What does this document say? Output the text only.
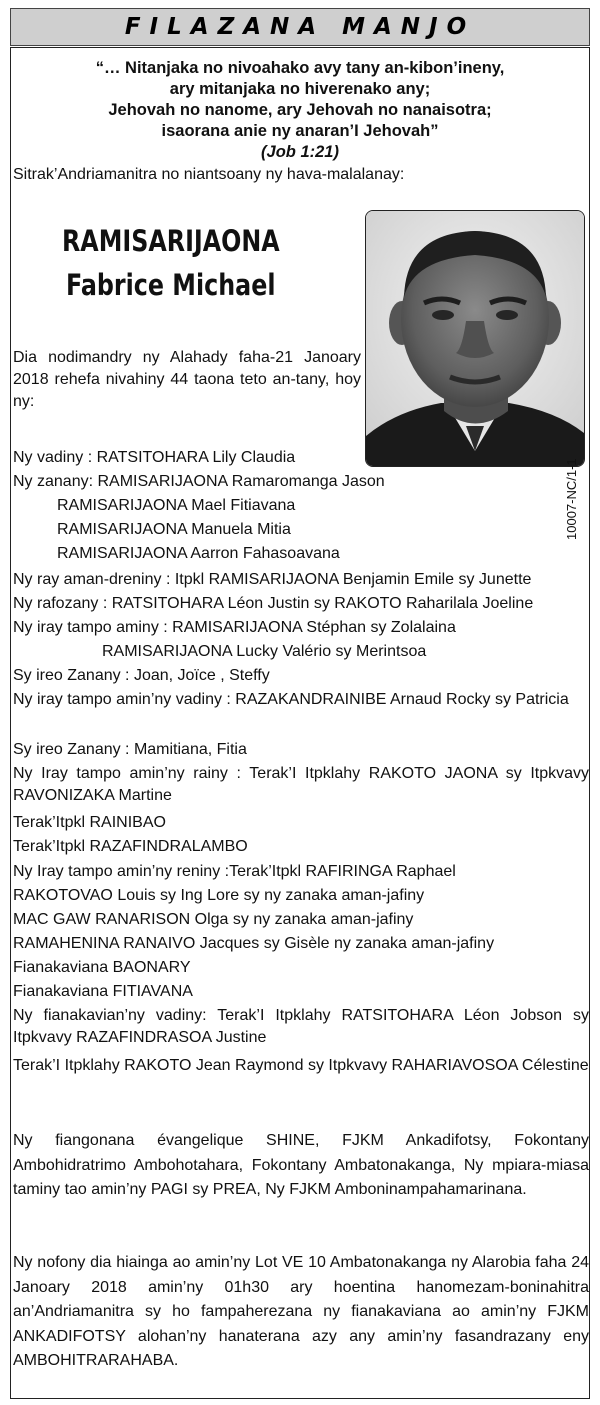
FILAZANA MANJO
“… Nitanjaka no nivoahako avy tany an-kibon’ineny,
ary mitanjaka no hiverenako any;
Jehovah no nanome, ary Jehovah no nanaisotra;
isaorana anie ny anaran’I Jehovah”
(Job 1:21)
Sitrak’Andriamanitra no niantsoany ny hava-malalanay:
RAMISARIJAONA
Fabrice Michael
Dia nodimandry ny Alahady faha-21 Janoary 2018 rehefa nivahiny 44 taona teto an-tany, hoy ny:
10007-NC/1-1
Ny vadiny : RATSITOHARA Lily Claudia
Ny zanany: RAMISARIJAONA Ramaromanga Jason
RAMISARIJAONA Mael Fitiavana
RAMISARIJAONA Manuela Mitia
RAMISARIJAONA Aarron Fahasoavana
Ny ray aman-dreniny : Itpkl RAMISARIJAONA Benjamin Emile sy Junette
Ny rafozany : RATSITOHARA Léon Justin sy RAKOTO Raharilala Joeline
Ny iray tampo aminy : RAMISARIJAONA Stéphan sy Zolalaina
RAMISARIJAONA Lucky Valério sy Merintsoa
Sy ireo Zanany : Joan, Joïce , Steffy
Ny iray tampo amin’ny vadiny : RAZAKANDRAINIBE Arnaud Rocky sy Patricia
Sy ireo Zanany : Mamitiana, Fitia
Ny Iray tampo amin’ny rainy : Terak’I Itpklahy RAKOTO JAONA sy Itpkvavy RAVONIZAKA Martine
Terak’Itpkl RAINIBAO
Terak’Itpkl RAZAFINDRALAMBO
Ny Iray tampo amin’ny reniny :Terak’Itpkl RAFIRINGA Raphael
RAKOTOVAO Louis sy Ing Lore sy ny zanaka aman-jafiny
MAC GAW RANARISON Olga sy ny zanaka aman-jafiny
RAMAHENINA RANAIVO Jacques sy Gisèle ny zanaka aman-jafiny
Fianakaviana BAONARY
Fianakaviana FITIAVANA
Ny fianakavian’ny vadiny: Terak’I Itpklahy RATSITOHARA Léon Jobson sy Itpkvavy RAZAFINDRASOA Justine
Terak’I Itpklahy RAKOTO Jean Raymond sy Itpkvavy RAHARIAVOSOA Célestine
Ny fiangonana évangelique SHINE, FJKM Ankadifotsy, Fokontany Ambohidratrimo Ambohotahara, Fokontany Ambatonakanga, Ny mpiara-miasa taminy tao amin’ny PAGI sy PREA, Ny FJKM Amboninampahamarinana.
Ny nofony dia hiainga ao amin’ny Lot VE 10 Ambatonakanga ny Alarobia faha 24 Janoary 2018 amin’ny 01h30 ary hoentina hanomezam-boninahitra an’Andriamanitra sy ho fampaherezana ny fianakaviana ao amin’ny FJKM ANKADIFOTSY alohan’ny hanaterana azy any amin’ny fasandrazany eny AMBOHITRARAHABA.
